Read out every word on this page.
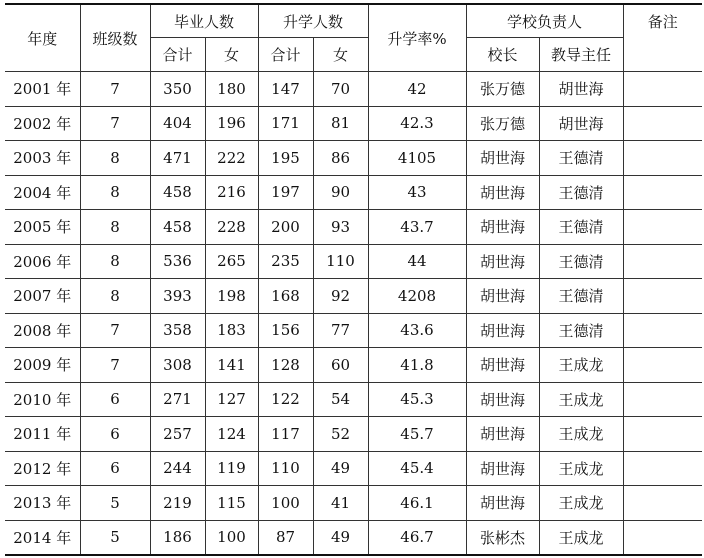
年度	班级数	毕业人数		升学人数		升学率%	学校负责人		备注
		合计	女	合计	女		校长	教导主任	
2001 年	7	350	180	147	70	42	张万德	胡世海	
2002 年	7	404	196	171	81	42.3	张万德	胡世海	
2003 年	8	471	222	195	86	4105	胡世海	王德清	
2004 年	8	458	216	197	90	43	胡世海	王德清	
2005 年	8	458	228	200	93	43.7	胡世海	王德清	
2006 年	8	536	265	235	110	44	胡世海	王德清	
2007 年	8	393	198	168	92	4208	胡世海	王德清	
2008 年	7	358	183	156	77	43.6	胡世海	王德清	
2009 年	7	308	141	128	60	41.8	胡世海	王成龙	
2010 年	6	271	127	122	54	45.3	胡世海	王成龙	
2011 年	6	257	124	117	52	45.7	胡世海	王成龙	
2012 年	6	244	119	110	49	45.4	胡世海	王成龙	
2013 年	5	219	115	100	41	46.1	胡世海	王成龙	
2014 年	5	186	100	87	49	46.7	张彬杰	王成龙	
